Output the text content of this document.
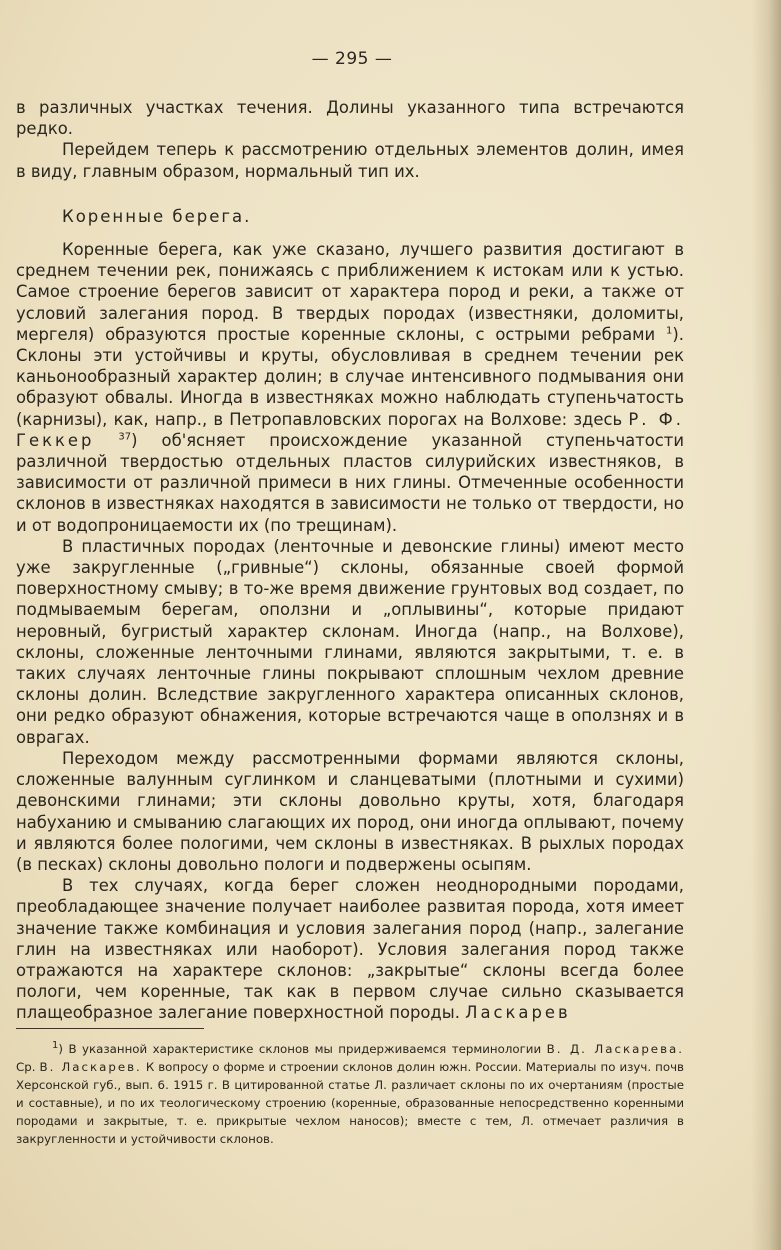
— 295 —

в различных участках течения. Долины указанного типа встречаются редко.

Перейдем теперь к рассмотрению отдельных элементов долин, имея в виду, главным образом, нормальный тип их.

Коренные берега.

Коренные берега, как уже сказано, лучшего развития достигают в среднем течении рек, понижаясь с приближением к истокам или к устью. Самое строение берегов зависит от характера пород и реки, а также от условий залегания пород. В твердых породах (известняки, доломиты, мергеля) образуются простые коренные склоны, с острыми ребрами $^1$). Склоны эти устойчивы и круты, обусловливая в среднем течении рек каньонообразный характер долин; в случае интенсивного подмывания они образуют обвалы. Иногда в известняках можно наблюдать ступеньчатость (карнизы), как, напр., в Петропавловских порогах на Волхове: здесь Р. Ф. Геккер $^{37}$) об'ясняет происхождение указанной ступеньчатости различной твердостью отдельных пластов силурийских известняков, в зависимости от различной примеси в них глины. Отмеченные особенности склонов в известняках находятся в зависимости не только от твердости, но и от водопроницаемости их (по трещинам).

В пластичных породах (ленточные и девонские глины) имеют место уже закругленные („гривные“) склоны, обязанные своей формой поверхностному смыву; в то-же время движение грунтовых вод создает, по подмываемым берегам, оползни и „оплывины“, которые придают неровный, бугристый характер склонам. Иногда (напр., на Волхове), склоны, сложенные ленточными глинами, являются закрытыми, т. е. в таких случаях ленточные глины покрывают сплошным чехлом древние склоны долин. Вследствие закругленного характера описанных склонов, они редко образуют обнажения, которые встречаются чаще в оползнях и в оврагах.

Переходом между рассмотренными формами являются склоны, сложенные валунным суглинком и сланцеватыми (плотными и сухими) девонскими глинами; эти склоны довольно круты, хотя, благодаря набуханию и смыванию слагающих их пород, они иногда оплывают, почему и являются более пологими, чем склоны в известняках. В рыхлых породах (в песках) склоны довольно пологи и подвержены осыпям.

В тех случаях, когда берег сложен неоднородными породами, преобладающее значение получает наиболее развитая порода, хотя имеет значение также комбинация и условия залегания пород (напр., залегание глин на известняках или наоборот). Условия залегания пород также отражаются на характере склонов: „закрытые“ склоны всегда более пологи, чем коренные, так как в первом случае сильно сказывается плащеобразное залегание поверхностной породы. Ласкарев

$^1$) В указанной характеристике склонов мы придерживаемся терминологии В. Д. Ласкарева. Ср. В. Ласкарев. К вопросу о форме и строении склонов долин южн. России. Материалы по изуч. почв Херсонской губ., вып. 6. 1915 г. В цитированной статье Л. различает склоны по их очертаниям (простые и составные), и по их теологическому строению (коренные, образованные непосредственно коренными породами и закрытые, т. е. прикрытые чехлом наносов); вместе с тем, Л. отмечает различия в закругленности и устойчивости склонов.
